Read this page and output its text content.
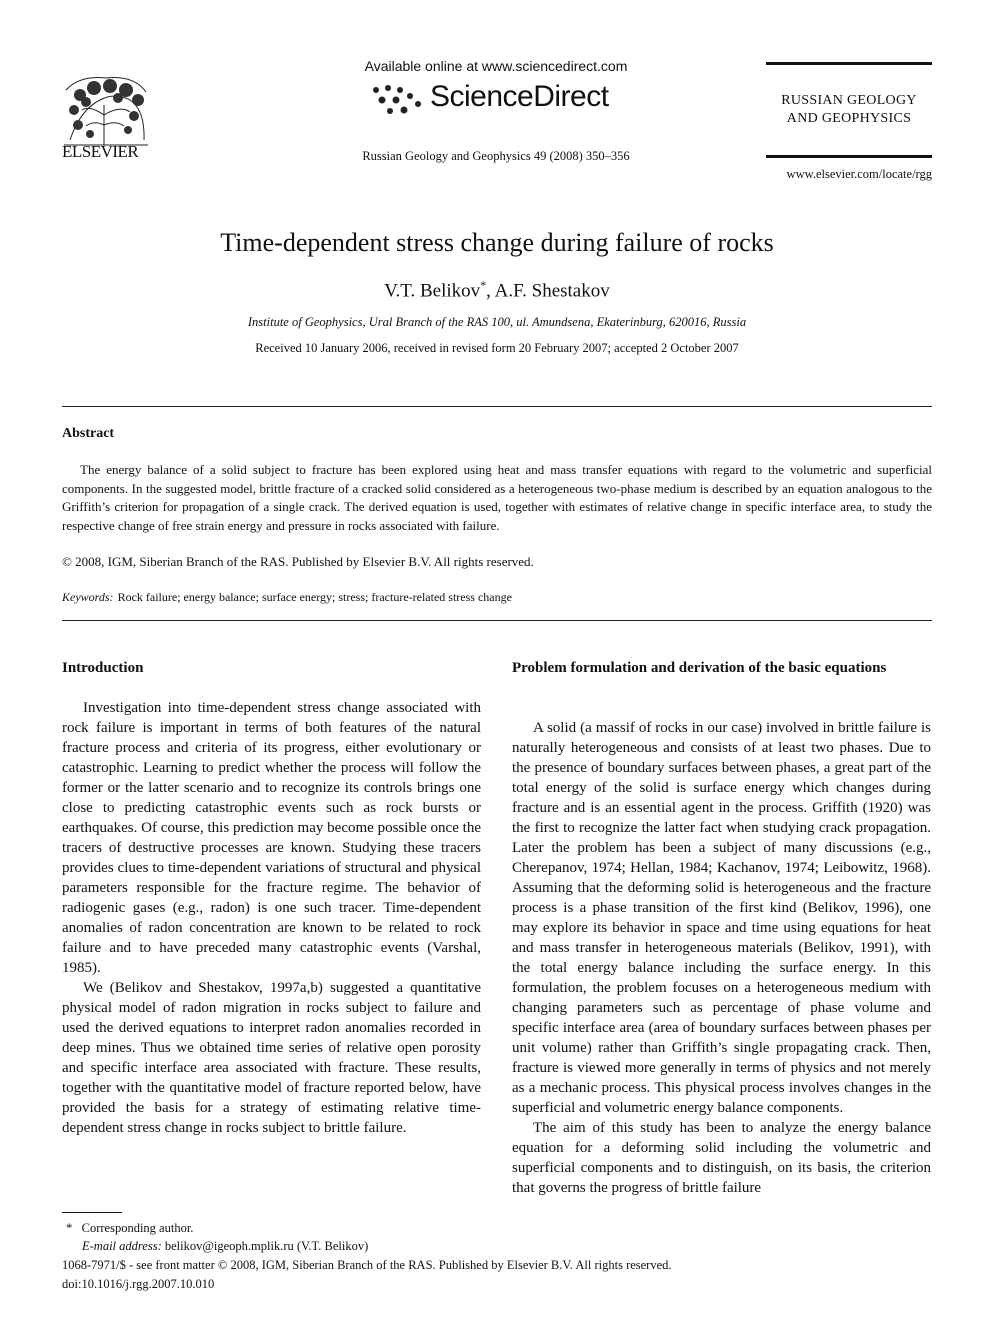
ELSEVIER
Available online at www.sciencedirect.com
ScienceDirect
Russian Geology and Geophysics 49 (2008) 350–356
RUSSIAN GEOLOGY
AND GEOPHYSICS
www.elsevier.com/locate/rgg
Time-dependent stress change during failure of rocks
V.T. Belikov*, A.F. Shestakov
Institute of Geophysics, Ural Branch of the RAS 100, ul. Amundsena, Ekaterinburg, 620016, Russia
Received 10 January 2006, received in revised form 20 February 2007; accepted 2 October 2007
Abstract
The energy balance of a solid subject to fracture has been explored using heat and mass transfer equations with regard to the volumetric and superficial components. In the suggested model, brittle fracture of a cracked solid considered as a heterogeneous two-phase medium is described by an equation analogous to the Griffith’s criterion for propagation of a single crack. The derived equation is used, together with estimates of relative change in specific interface area, to study the respective change of free strain energy and pressure in rocks associated with failure.
© 2008, IGM, Siberian Branch of the RAS. Published by Elsevier B.V. All rights reserved.
Keywords: Rock failure; energy balance; surface energy; stress; fracture-related stress change
Introduction

Investigation into time-dependent stress change associated with rock failure is important in terms of both features of the natural fracture process and criteria of its progress, either evolutionary or catastrophic. Learning to predict whether the process will follow the former or the latter scenario and to recognize its controls brings one close to predicting catastrophic events such as rock bursts or earthquakes. Of course, this prediction may become possible once the tracers of destructive processes are known. Studying these tracers provides clues to time-dependent variations of structural and physical parameters responsible for the fracture regime. The behavior of radiogenic gases (e.g., radon) is one such tracer. Time-dependent anomalies of radon concentration are known to be related to rock failure and to have preceded many catastrophic events (Varshal, 1985).

We (Belikov and Shestakov, 1997a,b) suggested a quantitative physical model of radon migration in rocks subject to failure and used the derived equations to interpret radon anomalies recorded in deep mines. Thus we obtained time series of relative open porosity and specific interface area associated with fracture. These results, together with the quantitative model of fracture reported below, have provided the basis for a strategy of estimating relative time-dependent stress change in rocks subject to brittle failure.

Problem formulation and derivation of the basic equations

A solid (a massif of rocks in our case) involved in brittle failure is naturally heterogeneous and consists of at least two phases. Due to the presence of boundary surfaces between phases, a great part of the total energy of the solid is surface energy which changes during fracture and is an essential agent in the process. Griffith (1920) was the first to recognize the latter fact when studying crack propagation. Later the problem has been a subject of many discussions (e.g., Cherepanov, 1974; Hellan, 1984; Kachanov, 1974; Leibowitz, 1968). Assuming that the deforming solid is heterogeneous and the fracture process is a phase transition of the first kind (Belikov, 1996), one may explore its behavior in space and time using equations for heat and mass transfer in heterogeneous materials (Belikov, 1991), with the total energy balance including the surface energy. In this formulation, the problem focuses on a heterogeneous medium with changing parameters such as percentage of phase volume and specific interface area (area of boundary surfaces between phases per unit volume) rather than Griffith’s single propagating crack. Then, fracture is viewed more generally in terms of physics and not merely as a mechanic process. This physical process involves changes in the superficial and volumetric energy balance components.

The aim of this study has been to analyze the energy balance equation for a deforming solid including the volumetric and superficial components and to distinguish, on its basis, the criterion that governs the progress of brittle failure

* Corresponding author.
E-mail address: belikov@igeoph.mplik.ru (V.T. Belikov)
1068-7971/$ - see front matter © 2008, IGM, Siberian Branch of the RAS. Published by Elsevier B.V. All rights reserved.
doi:10.1016/j.rgg.2007.10.010
